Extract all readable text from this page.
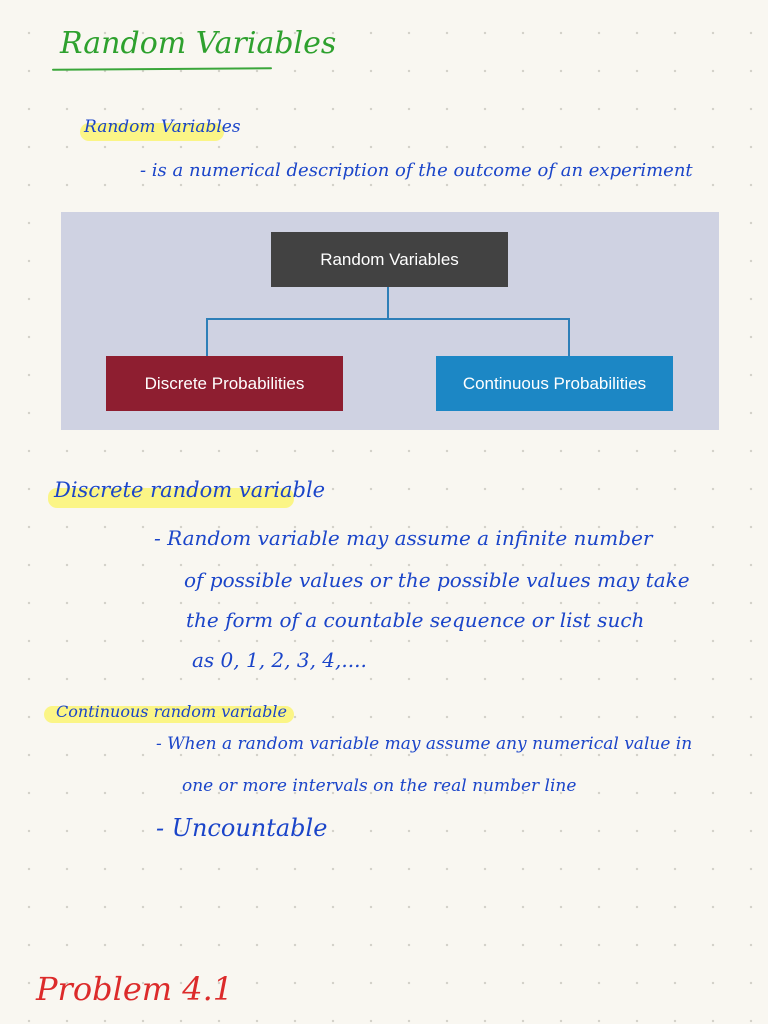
Random Variables
Random Variables
- is a numerical description of the outcome of an experiment
Random Variables
Discrete Probabilities	Continuous Probabilities
Discrete random variable
- Random variable may assume a infinite number
of possible values or the possible values may take
the form of a countable sequence or list such
as 0, 1, 2, 3, 4,....
Continuous random variable
- When a random variable may assume any numerical value in
one or more intervals on the real number line
- Uncountable
Problem 4.1
